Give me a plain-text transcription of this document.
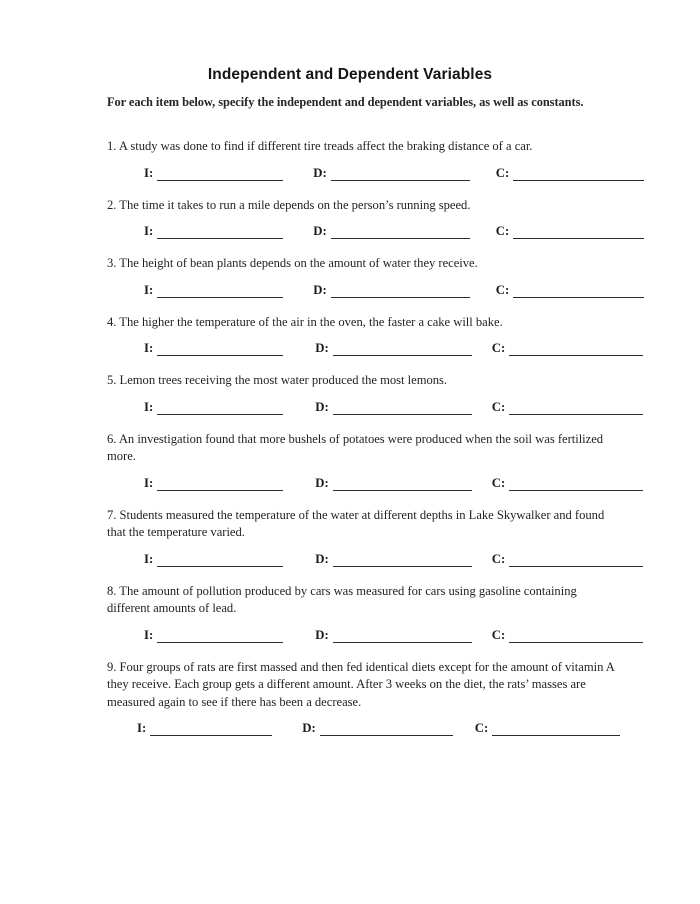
Independent and Dependent Variables
For each item below, specify the independent and dependent variables, as well as constants.

1. A study was done to find if different tire treads affect the braking distance of a car.

I:	D:	C:

2. The time it takes to run a mile depends on the person’s running speed.

I:	D:	C:

3. The height of bean plants depends on the amount of water they receive.

I:	D:	C:

4. The higher the temperature of the air in the oven, the faster a cake will bake.

I:	D:	C:

5. Lemon trees receiving the most water produced the most lemons.

I:	D:	C:

6. An investigation found that more bushels of potatoes were produced when the soil was fertilized more.

I:	D:	C:

7. Students measured the temperature of the water at different depths in Lake Skywalker and found that the temperature varied.

I:	D:	C:

8. The amount of pollution produced by cars was measured for cars using gasoline containing different amounts of lead.

I:	D:	C:

9. Four groups of rats are first massed and then fed identical diets except for the amount of vitamin A they receive. Each group gets a different amount. After 3 weeks on the diet, the rats’ masses are measured again to see if there has been a decrease.

I:	D:	C:
